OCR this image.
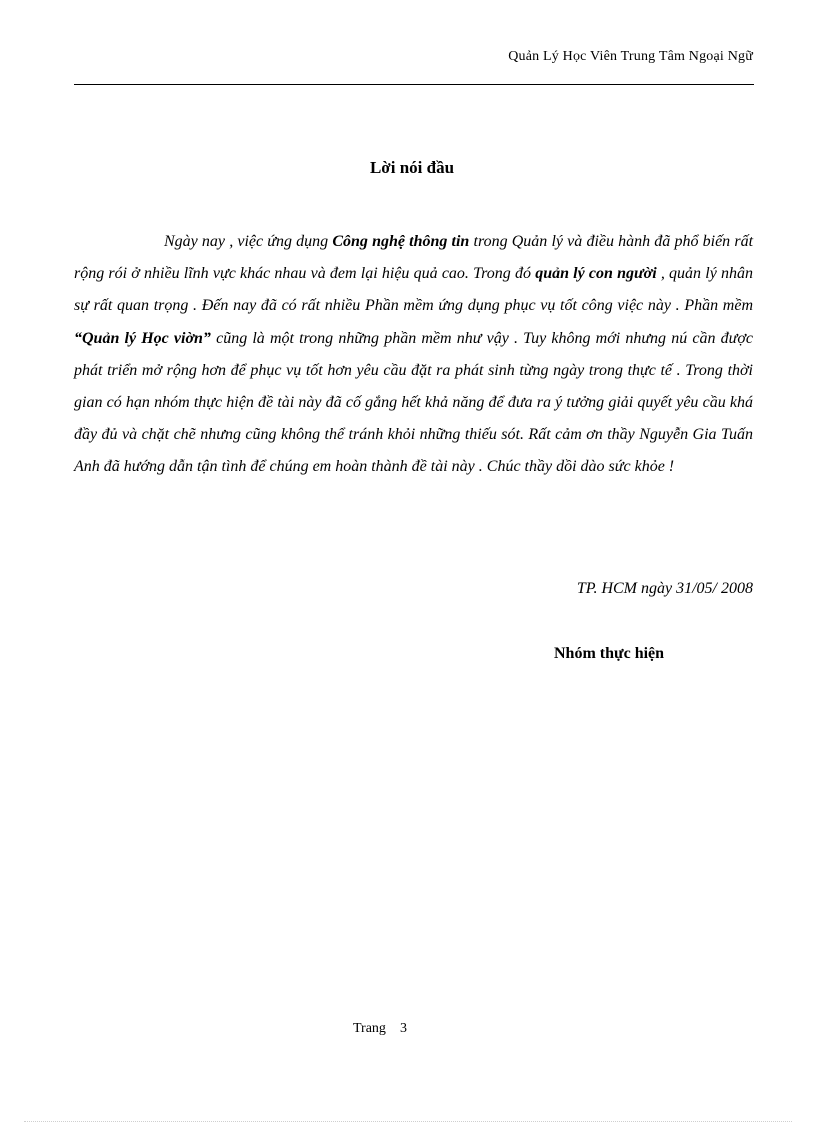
Quản Lý Học Viên Trung Tâm Ngoại Ngữ
Lời nói đầu

Ngày nay , việc ứng dụng Công nghệ thông tin trong Quản lý và điều hành đã phổ biến rất rộng rói ở nhiều lĩnh vực khác nhau và đem lại hiệu quả cao. Trong đó quản lý con người , quản lý nhân sự rất quan trọng . Đến nay đã có rất nhiều Phần mềm ứng dụng phục vụ tốt công việc này . Phần mềm “Quản lý Học viờn” cũng là một trong những phần mềm như vậy . Tuy không mới nhưng nú cần được phát triển mở rộng hơn để phục vụ tốt hơn yêu cầu đặt ra phát sinh từng ngày trong thực tế . Trong thời gian có hạn nhóm thực hiện đề tài này đã cố gắng hết khả năng để đưa ra ý tưởng giải quyết yêu cầu khá đầy đủ và chặt chẽ nhưng cũng không thể tránh khỏi những thiếu sót. Rất cảm ơn thầy Nguyễn Gia Tuấn Anh đã hướng dẫn tận tình để chúng em hoàn thành đề tài này . Chúc thầy dồi dào sức khỏe !

TP. HCM ngày 31/05/ 2008
Nhóm thực hiện
Trang 3
